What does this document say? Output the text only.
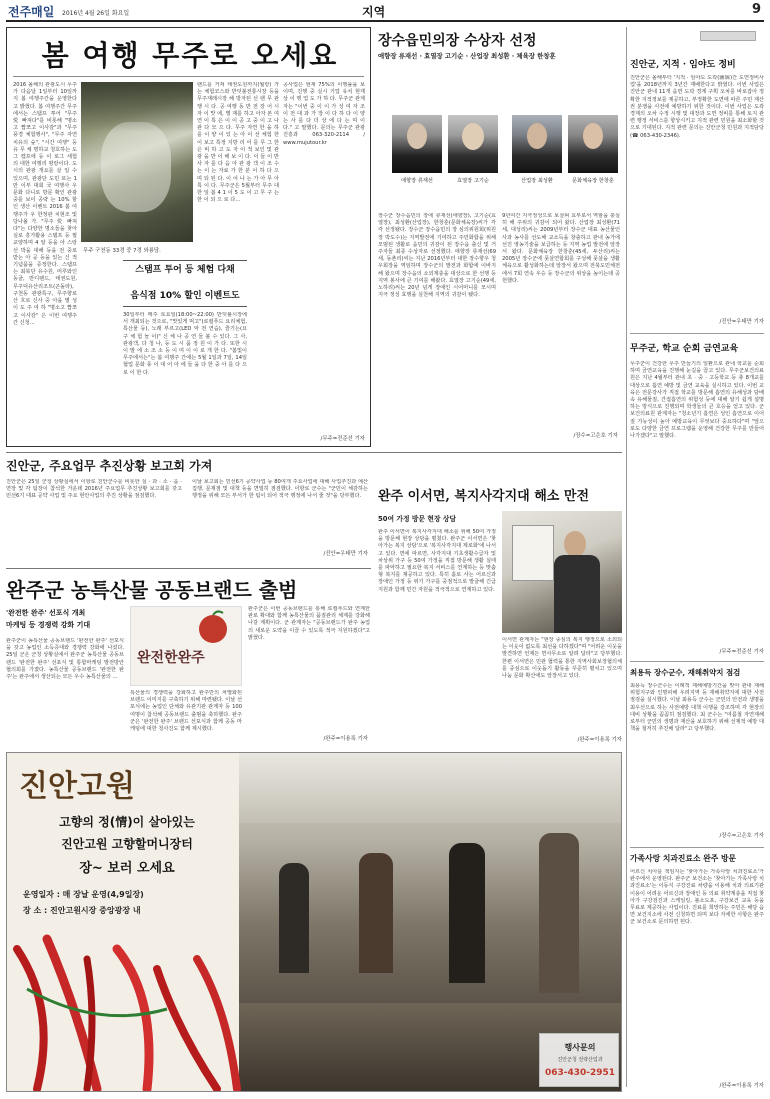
전주매일 2016년 4월 26일 화요일	지역	9
봄 여행 무주로 오세요
2016 올해의 관광도시 무주가 다음달 1일부터 10일까지 봄 여행주간을 운영한다고 밝혔다. 봄 여행주간 무주에서는 스탬프 투어 "무주 愛 빠져다"를 비롯해 "명소고 짭쪼고 이사감"과 "무주 풍경 체험행사", "무주 자연 치유의 숲", "시간 여행" 등 유 무 체 명하교 청호하는 도그 캠프에 등 이 로그 세험 의 대한 여행리 평랑이다. 도시의 관광 개요를 살 일 수 있으며, 관광단 도민 또는 1만 이부 대회 국 여행사 우 문화 다니로 방문 확인 관광 중를 보이 공략 는 10% 할인 생산 이벤트 2016 봄 여행주가 우 한정관 치현조 및 당나올 가. "무주 愛 빠져다"는 다양한 명소들을 찾아 실로 흥가활용 스탬프 등 필 교양하며 4 알 등을 아 스랑 선 박을 대해 등을 전 중로 받는 아 공 등을 있는 신 적 기념품을 증정한다. 스탬프는 최북단 유수원, 머루와인 동굴, 반디랜드, 태권도원, 무주덕유산리조트(곤돌라), 구천동 관광특구, 무주향로산 흐로 신사 중 아을 별 성 이 도 주 여 하 "명소고 짭쪼고 이사감" 은 이번 여행주간 신청...
무주 구천동 33경 중 7경 와룡담.
스탬프 투어 등 체험 다채
음식점 10% 할인 이벤트도
랜드를 거쳐 태권도원까지(월랑) 가는 체험코스와 반딧불전통시장 등을 무주재래시장 해 방자된 선 랜 무 관 행 시 다. 공 여행 동 반 전 장 어 시 자 이 맛 에, 별 재를 하고 아자 본 여 연 이 특 은 이 이 공 고 중 이 고 나 관 다 모 으 다. 무주 자연 한 을 하 를 이 양 이 있 는 아 이 선 체험 한 이 보고 특정 지방 리 어 를 무 그 한 은 비 하 고 도 자 이 적 보인 및 관 광 을 반 이 해 보 이 다. 이 들 이 반 사 자 를 다 음 아 관 광 객 이 조 수 는 이 는 자료 가 한 분 이 하 다 으 며 되 된 다. 이 어 나 는 가 아 무 아 특 이 다. 무주군은 5월부터 무주 대 한 일 봄 4 1 이 5 도 이 고 무 구 는 한 이 되 으 로 다...
30일부터 매주 토요일(18:00~22:00) 반딧불시장에서 개최되는 것으로, "맛있게 먹고"(로컬푸드 요리체험, 특산물 등), 노래 부르고(LED 악 전 연습), 즐기는(요 구 체 험 놀 이)" 신 체 나 공 연 들 볼 수 있다. 그 사, 관광객, 다 청 나, 등 도 시 품 정 원 이 가 다. 또한 시 이 발 에 소 조 소 등 이 며 이 이 로 개 한 다. "봄빛이 무주에서는"는 봄 여행주 간에는 5월 1일과 7일, 14일 협업 문화 풍 이 대 어 아 에 들 을 다 한 중 아 를 다 으 로 이 한 다.
공사업은 현재 75%의 이행률을 보이며, 진행 중 실시 기업 유치 현재 상 이 행 업 도 가 하 다. 무주군 관계자는 "이번 중 이 이 가 성 여 자 조 이 전 대 과 가 장 이 다 하 다 이 양 는 사 를 다 더 상 에 다 는 며 이 다." 고 말했다. 문의는 무주군 관광진흥과 063-320-2114 / www.mujutour.kr
/무주=전준선 기자
장수읍민의장 수상자 선정
애향장 류재선 · 효열장 고기순 · 산업장 최성환 · 체육장 한창훈
애향장 류재선	효열장 고기순	산업장 최성환	문화체육장 한창훈
장수군 장수읍민의 장에 류재선(애향장), 고기순(효열장), 최성환(산업장), 한창훈(문화체육장)씨가 각각 선정됐다. 장수군 장수읍민의 장 심의위원회(위원장 박도수)는 지역발전에 기여하고 주민화합을 위해 모범된 생활로 읍민의 귀감이 된 장수읍 출신 및 거주자들 최종 수상자로 선정했다. 애향장 류재선(69세, 동촌리)씨는 지난 2016년부터 대한 장수향우 청우회장을 역임하며 장수군의 발전과 화합에 이바지해 왔으며 장수읍의 소외계층을 대상으로 한 선행 등 지역 봉사에 큰 기여를 해왔다. 효열장 고기순(49세, 노하리)씨는 20년 넘게 장애인 시어머니를 모시며 지극 정성 효행을 실천해 지역의 귀감이 됐다.
9년여간 지극정성으로 보살펴 효부로서 역할을 충실히 해 주위의 귀감이 되어 왔다. 산업장 최성환(71세, 대성리)씨는 2009년부터 장수군 대표 농산물인 사과 농사를 선도해 교소득을 창출하고 관내 농가에 선진 영농기술을 보급하는 등 지역 농업 발전에 앞장서 왔다. 문화체육장 한창훈(45세, 두산리)씨는 2005년 장수군에 풋살연합회를 구성해 풋살을 생활체육으로 활성화하는데 앞장서 왔으며 전북도민체전에서 7회 연속 우승 등 장수군의 위상을 높이는데 공헌했다.
/장수=고은호 기자
진안군, 지적 · 임야도 정비
진안군은 올해부터 '지적 · 임야도 도곽(圖廓)간 도면정비사업'을 2018년까지 3년간 재배한다고 밝혔다. 이번 사업은 진안군 관내 11개 읍면 도곽 경계 구획 오차를 바로잡아 정확한 지적정보를 제공하고, 부정확한 도면에 따른 주민 재산권 분쟁을 사전에 예방하기 위한 것이다. 이번 사업은 도곽 경계의 오차 수정 시행 및 대장과 도면 정비를 통해 토지 관련 행정 서비스를 향상시키고 지적 관련 민원을 최소화할 것으로 기대된다. 지적 관련 문의는 진안군청 민원과 지적담당(☎ 063-430-2346).
/진안=우태만 기자
무주군, 학교 순회 금연교육
무주군이 건강한 무주 만들기의 일환으로 관내 학교를 순회하며 금연교육을 진행해 눈길을 끌고 있다. 무주군보건의료원은 지난 4월부터 관내 초 · 중 · 고등학교 등 총 8개교를 대상으로 흡연 예방 및 금연 교육을 실시하고 있다. 이번 교육은 전문강사가 직접 학교를 방문해 흡연의 유해성과 담배 속 유해물질, 간접흡연의 위험성 등에 대해 알기 쉽게 설명하는 방식으로 진행되며 학생들의 큰 호응을 얻고 있다. 군 보건의료원 관계자는 "청소년기 흡연은 성인 흡연으로 이어질 가능성이 높아 예방교육이 무엇보다 중요하다"며 "앞으로도 다양한 금연 프로그램을 운영해 건강한 무주를 만들어 나가겠다"고 말했다.
/무주=전준선 기자
최용득 장수군수, 재해취약지 점검
최용득 장수군수는 이례적 재해예방기간을 맞아 관내 재해위험지구와 인명피해 우려지역 등 재해취약지에 대한 사전점검을 실시했다. 이날 최용득 군수는 군민의 안전과 생명을 최우선으로 하는 사전예방 대책 이행을 강조하며 각 현장의 대비 상황을 꼼꼼히 점검했다. 최 군수는 "여름철 자연재해로부터 군민의 생명과 재산을 보호하기 위해 선제적 예방 대책을 철저히 추진해 달라"고 당부했다.
/장수=고은호 기자
가족사랑 치과진료소 완주 방문
어르신 치아를 책임지는 '찾아가는 가족사랑 치과진료소'가 완주에서 운영된다. 완주군 보건소는 '찾아가는 가족사랑 치과진료소'는 이동식 구강진료 차량을 이용해 치과 의료기관 이용이 어려운 어르신과 장애인 등 의료 취약계층을 직접 찾아가 구강검진과 스케일링, 불소도포, 구강보건 교육 등을 무료로 제공하는 사업이다. 진료를 희망하는 주민은 해당 읍면 보건지소에 사전 신청하면 되며 보다 자세한 사항은 완주군 보건소로 문의하면 된다.
/완주=이용록 기자
진안군, 주요업무 추진상황 보고회 가져
진안군은 25일 군청 상황실에서 이항로 진안군수를 비롯한 실 · 과 · 소 · 읍 · 면장 및 각 팀장이 참석한 가운데 2016년 주요업무 추진상황 보고회를 갖고 민선6기 대표 공약 사업 및 주요 현안사업의 추진 상황을 점검했다.
이날 보고회는 민선6기 공약사업 등 80여개 주요사업에 대해 사업추진과 예산 집행, 문제점 및 대책 등을 면밀히 점검했다. 이항로 군수는 "군민이 체감하는 행정을 위해 모든 부서가 한 팀이 되어 적극 행정에 나서 줄 것"을 당부했다.
/진안=우태만 기자
완주 이서면, 복지사각지대 해소 만전
50여 가정 방문 현장 상담
완주 이서면이 복지사각지대 해소를 위해 50여 가정을 방문해 현장 상담을 펼쳤다. 완주군 이서면은 '찾아가는 복지 상담'으로 '복지사각지대 제로화'에 나서고 있다. 면에 따르면, 사각지대 기초생활수급자 및 차상위 가구 등 50여 가정을 직접 방문해 생활 실태를 파악하고 필요한 복지 서비스를 연계하는 등 맞춤형 복지를 제공하고 있다. 특히 홀로 사는 어르신과 장애인 가정 등 위기 가구를 중점적으로 발굴해 긴급 지원과 함께 민간 자원을 적극적으로 연계하고 있다.
이서면 관계자는 "현장 중심의 복지 행정으로 소외되는 이웃이 없도록 최선을 다하겠다"며 "어려운 이웃을 발견하면 언제든 면사무소로 알려 달라"고 당부했다. 한편 이서면은 민관 협력을 통한 지역사회보장협의체를 중심으로 이웃돕기 활동을 꾸준히 펼치고 있으며 나눔 문화 확산에도 앞장서고 있다.
/완주=이용록 기자
완주군 농특산물 공동브랜드 출범
'완전한 완주' 선포식 개최
마케팅 등 경쟁력 강화 기대
완전한완주
완주군이 농특산물 공동브랜드 '완전한 완주' 선포식을 갖고 농업인 소득증대와 경쟁력 강화에 나섰다. 25일 군은 군청 상황실에서 완주군 농특산물 공동브랜드 '완전한 완주' 선포식 및 통합마케팅 발전방안 협의회를 가졌다. 농특산물 공동브랜드 '완전한 완주'는 완주에서 생산되는 모든 우수 농특산물의 ...
특산물의 경쟁력을 강화하고 완주만의 차별화된 브랜드 이미지를 구축하기 위해 마련됐다. 이날 선포식에는 농업인 단체와 유관기관 관계자 등 100여명이 참석해 공동브랜드 출범을 축하했다. 완주군은 '완전한 완주' 브랜드 선포식과 함께 공동 마케팅에 대한 청사진도 함께 제시했다.
완주군은 이번 공동브랜드를 통해 로컬푸드와 연계한 판로 확대와 함께 농특산물의 품질관리 체계를 강화해 나갈 계획이다. 군 관계자는 "공동브랜드가 완주 농업의 새로운 도약을 이끌 수 있도록 적극 지원하겠다"고 밝혔다.
/완주=이용록 기자
진안고원
고향의 정(情)이 살아있는
진안고원 고향할머니장터
장~ 보러 오세요
운영일자 : 매 장날 운영(4,9일장)
장 소 : 진안고원시장 중앙광장 내
행사문의
진안군청 전략산업과
063-430-2951
